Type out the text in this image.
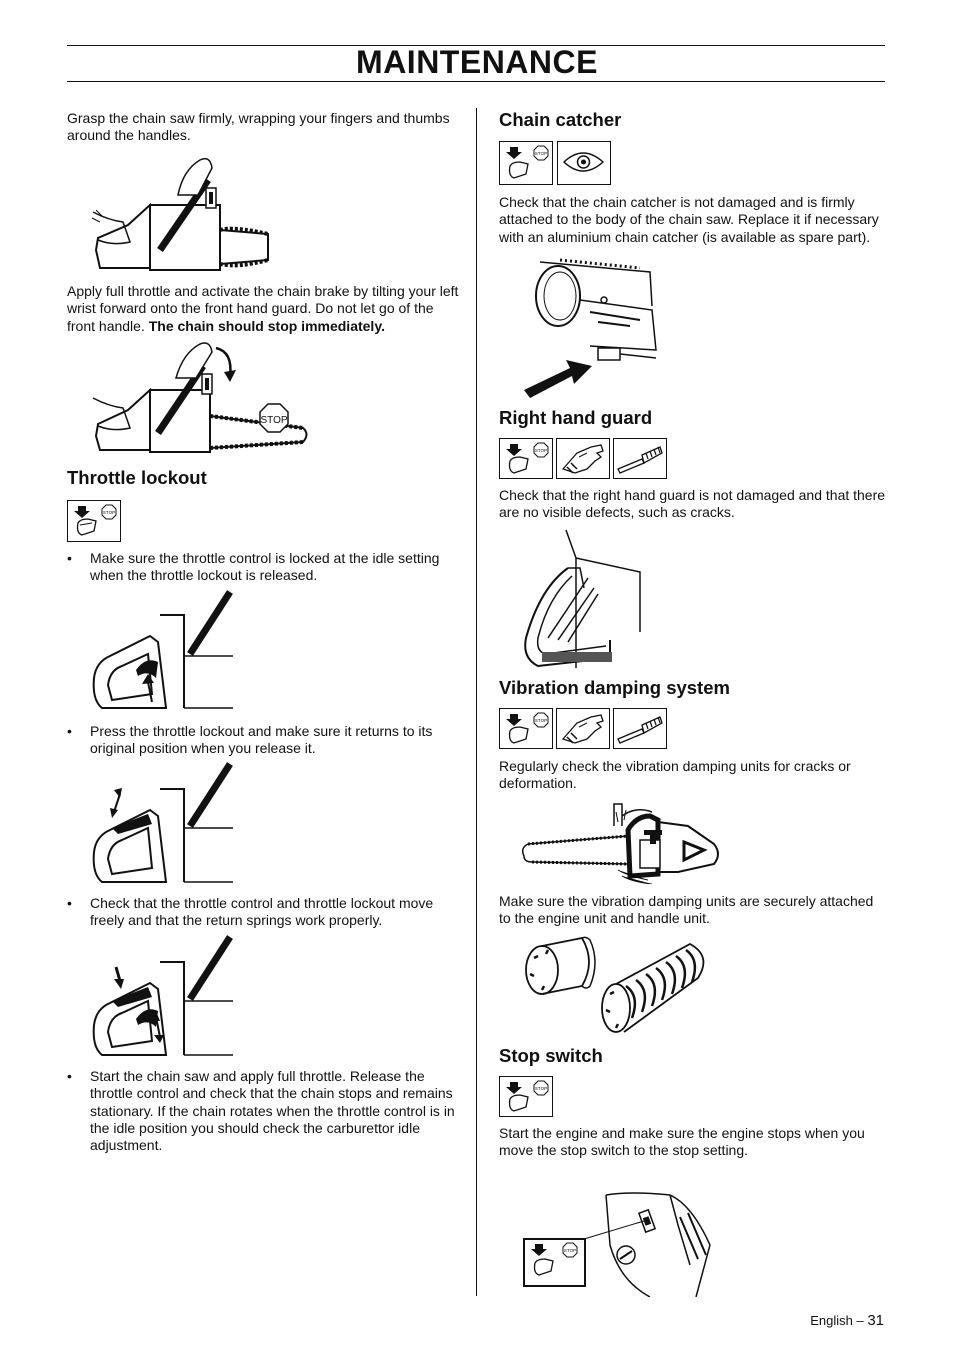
MAINTENANCE
Grasp the chain saw firmly, wrapping your fingers and thumbs around the handles.
Apply full throttle and activate the chain brake by tilting your left wrist forward onto the front hand guard. Do not let go of the front handle. The chain should stop immediately.
STOP
Throttle lockout
STOP
• Make sure the throttle control is locked at the idle setting when the throttle lockout is released.
• Press the throttle lockout and make sure it returns to its original position when you release it.
• Check that the throttle control and throttle lockout move freely and that the return springs work properly.
• Start the chain saw and apply full throttle. Release the throttle control and check that the chain stops and remains stationary. If the chain rotates when the throttle control is in the idle position you should check the carburettor idle adjustment.
Chain catcher
STOP
Check that the chain catcher is not damaged and is firmly attached to the body of the chain saw. Replace it if necessary with an aluminium chain catcher (is available as spare part).
Right hand guard
STOP
Check that the right hand guard is not damaged and that there are no visible defects, such as cracks.
Vibration damping system
STOP
Regularly check the vibration damping units for cracks or deformation.
Make sure the vibration damping units are securely attached to the engine unit and handle unit.
Stop switch
STOP
Start the engine and make sure the engine stops when you move the stop switch to the stop setting.
STOP
English – 31
